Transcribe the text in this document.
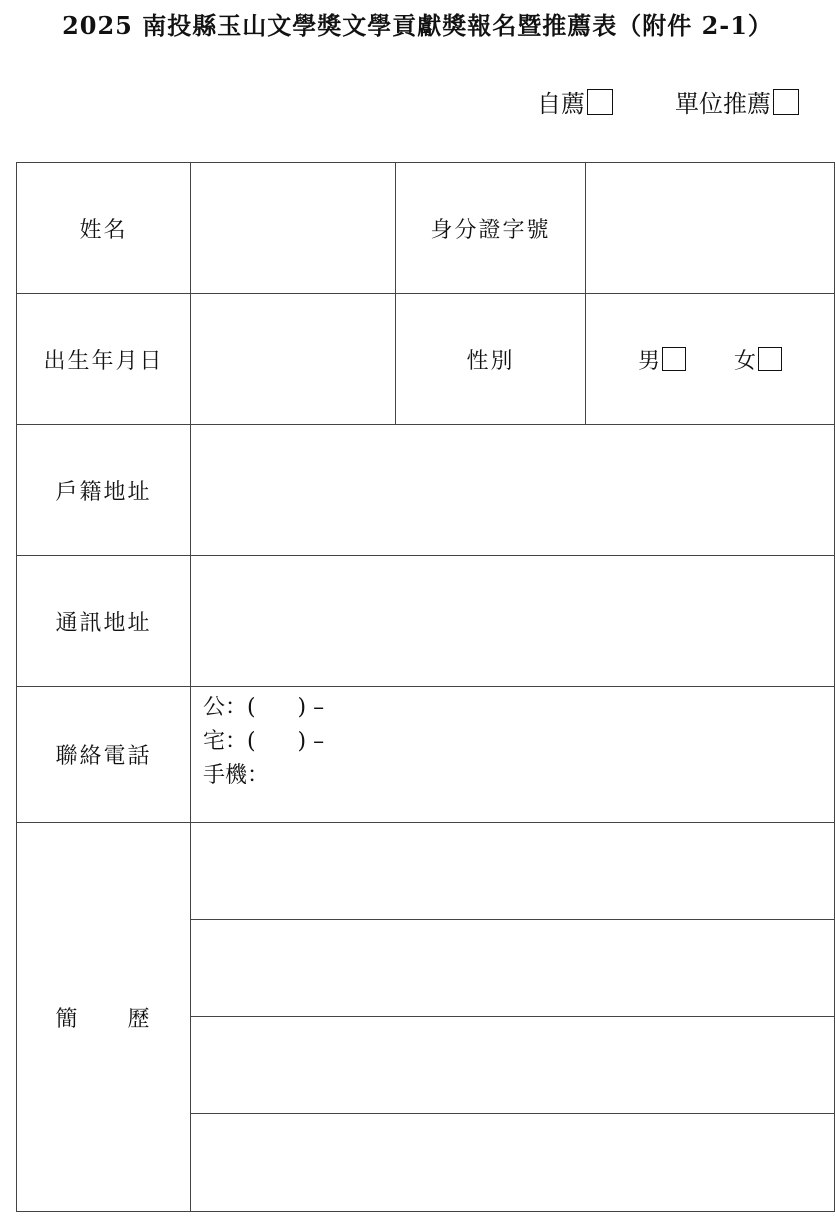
2025 南投縣玉山文學獎文學貢獻獎報名暨推薦表（附件 2-1）
自薦	單位推薦
姓名	身分證字號
出生年月日	性別	男	女
戶籍地址
通訊地址
聯絡電話
公：(      ) –
宅：(      ) –
手機：
簡　　歷
